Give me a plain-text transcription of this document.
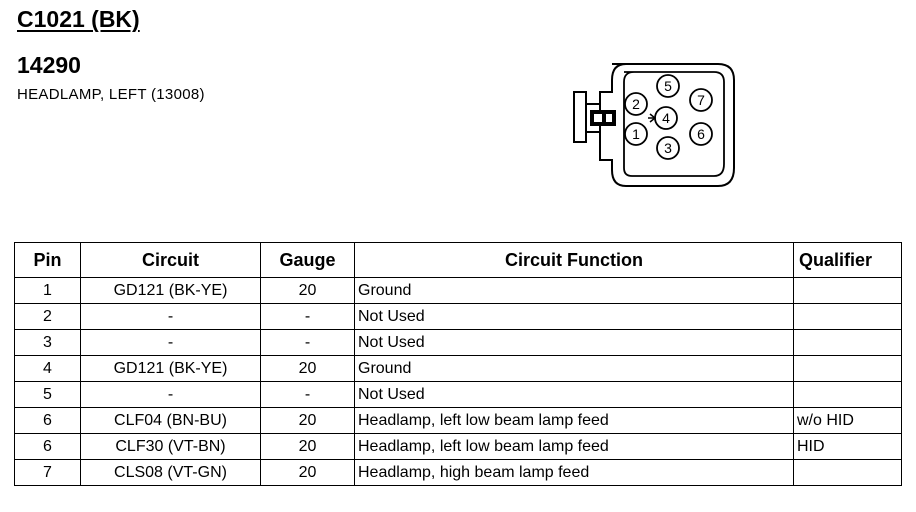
C1021 (BK)
14290
HEADLAMP, LEFT (13008)
1
2
3
4
5
6
7
Pin	Circuit	Gauge	Circuit Function	Qualifier
1	GD121 (BK-YE)	20	Ground	
2	-	-	Not Used	
3	-	-	Not Used	
4	GD121 (BK-YE)	20	Ground	
5	-	-	Not Used	
6	CLF04 (BN-BU)	20	Headlamp, left low beam lamp feed	w/o HID
6	CLF30 (VT-BN)	20	Headlamp, left low beam lamp feed	HID
7	CLS08 (VT-GN)	20	Headlamp, high beam lamp feed	
